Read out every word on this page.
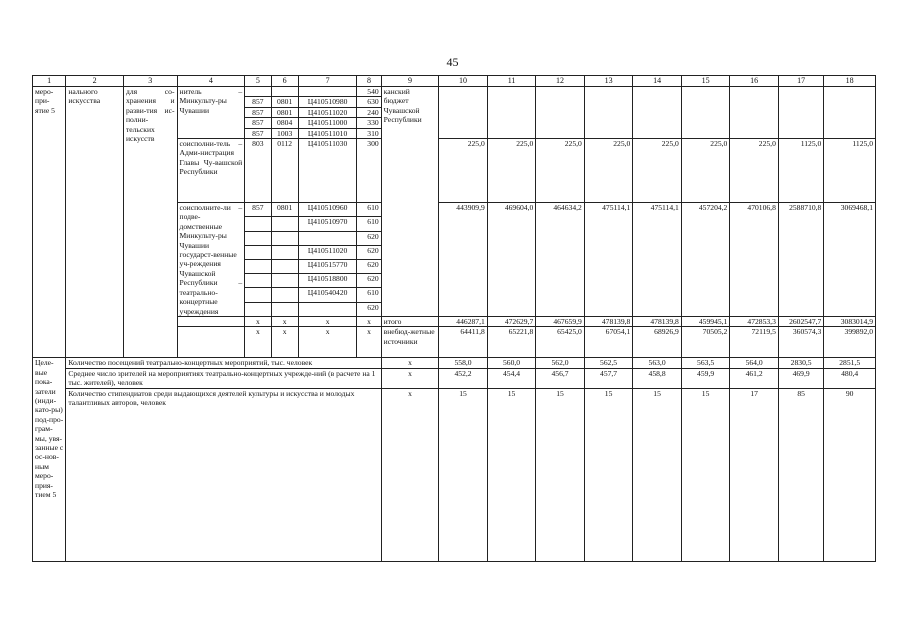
45
1	2	3	4	5	6	7	8	9	10	11	12	13	14	15	16	17	18
меро-при-ятие 5	нального искусства	для со-хранения и разви-тия ис-полни-тельских искусств	нитель – Минкульту-ры Чувашии				540	канский бюджет Чувашской Республики									
				857	0801	Ц410510980	630										
				857	0801	Ц410511020	240										
				857	0804	Ц410511000	330										
				857	1003	Ц410511010	310										
			соисполни-тель – Адми-нистрация Главы Чу-вашской Республики	803	0112	Ц410511030	300		225,0	225,0	225,0	225,0	225,0	225,0	225,0	1125,0	1125,0
			соисполните-ли – подве-домственные Минкульту-ры Чувашии государст-венные уч-реждения Чувашской Республики – театрально-концертные учреждения	857	0801	Ц410510960	610		443909,9	469604,0	464634,2	475114,1	475114,1	457204,2	470106,8	2588710,8	3069468,1
						Ц410510970	610										
							620										
						Ц410511020	620										
						Ц410515770	620										
						Ц410518800	620										
						Ц410540420	610										
							620										
				x	x	x	x	итого	446287,1	472629,7	467659,9	478139,8	478139,8	459945,1	472853,3	2602547,7	3083014,9
				x	x	x	x	внебюд-жетные источники	64411,8	65221,8	65425,0	67054,1	68926,9	70505,2	72119,5	360574,3	399892,0
Целе-вые пока-затели (инди-като-ры) под-про-грам-мы, увя-занные с ос-нов-ным меро-прия-тием 5	Количество посещений театрально-концертных мероприятий, тыс. человек							х	558,0	560,0	562,0	562,5	563,0	563,5	564,0	2830,5	2851,5
	Среднее число зрителей на мероприятиях театрально-концертных учрежде-ний (в расчете на 1 тыс. жителей), человек							х	452,2	454,4	456,7	457,7	458,8	459,9	461,2	469,9	480,4
	Количество стипендиатов среди выдающихся деятелей культуры и искусства и молодых талантливых авторов, человек							х	15	15	15	15	15	15	17	85	90
